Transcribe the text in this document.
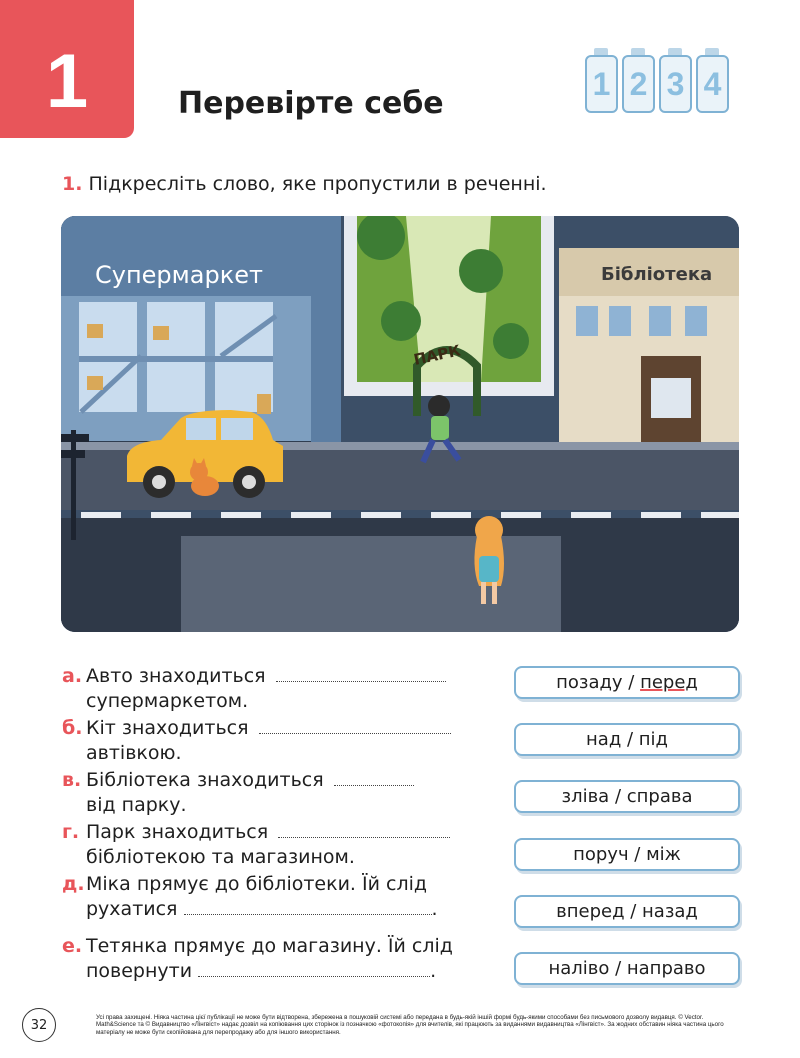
1	Перевірте себе
1 2 3 4
1. Підкресліть слово, яке пропустили в реченні.
Супермаркет
ПАРК
Бібліотека
а. Авто знаходиться
супермаркетом.
б. Кіт знаходиться
автівкою.
в. Бібліотека знаходиться
від парку.
г. Парк знаходиться
бібліотекою та магазином.
д. Міка прямує до бібліотеки. Їй слід
рухатися	.
е. Тетянка прямує до магазину. Їй слід
повернути	.
позаду / перед
над / під
зліва / справа
поруч / між
вперед / назад
наліво / направо
32	Усі права захищені. Ніяка частина цієї публікації не може бути відтворена, збережена в пошуковій системі або передана в будь-якій іншій формі будь-якими способами без письмового дозволу видавця. © Vector. Math&Science та © Видавництво «Лінгвіст» надає дозвіл на копіювання цих сторінок із позначкою «фотокопія» для вчителів, які працюють за виданнями видавництва «Лінгвіст». За жодних обставин ніяка частина цього матеріалу не може бути скопійована для перепродажу або для іншого використання.
